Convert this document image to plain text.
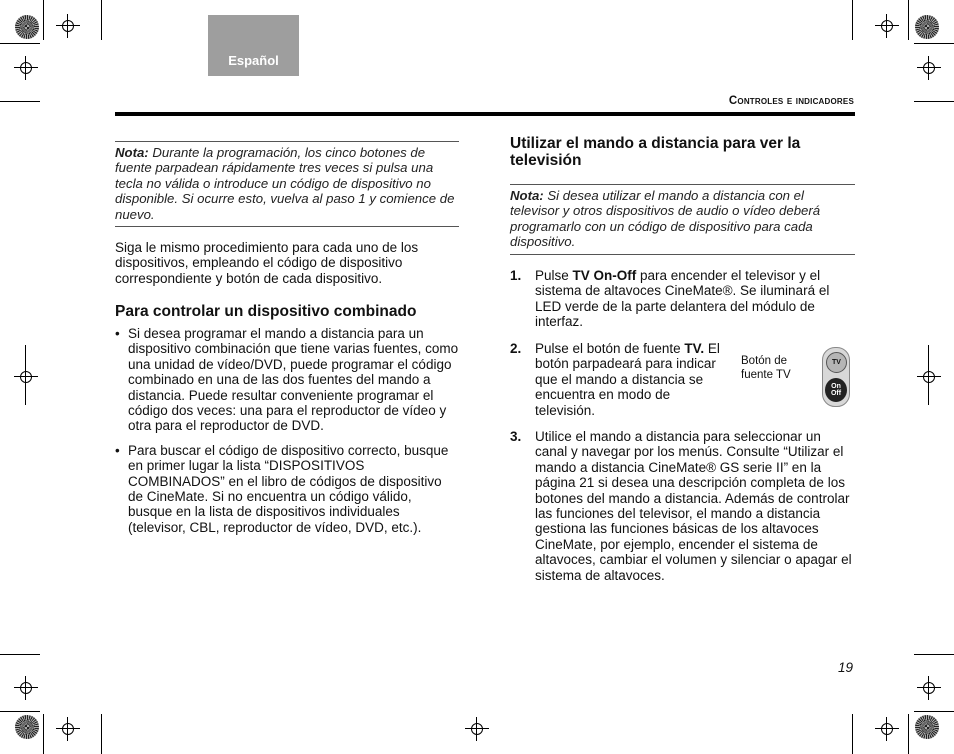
Español
Controles e indicadores
Nota: Durante la programación, los cinco botones de fuente parpadean rápidamente tres veces si pulsa una tecla no válida o introduce un código de dispositivo no disponible. Si ocurre esto, vuelva al paso 1 y comience de nuevo.
Siga le mismo procedimiento para cada uno de los dispositivos, empleando el código de dispositivo correspondiente y botón de cada dispositivo.
Para controlar un dispositivo combinado
• Si desea programar el mando a distancia para un dispositivo combinación que tiene varias fuentes, como una unidad de vídeo/DVD, puede programar el código combinado en una de las dos fuentes del mando a distancia. Puede resultar conveniente programar el código dos veces: una para el reproductor de vídeo y otra para el reproductor de DVD.
• Para buscar el código de dispositivo correcto, busque en primer lugar la lista “DISPOSITIVOS COMBINADOS” en el libro de códigos de dispositivo de CineMate. Si no encuentra un código válido, busque en la lista de dispositivos individuales (televisor, CBL, reproductor de vídeo, DVD, etc.).
Utilizar el mando a distancia para ver la televisión
Nota: Si desea utilizar el mando a distancia con el televisor y otros dispositivos de audio o vídeo deberá programarlo con un código de dispositivo para cada dispositivo.
1. Pulse TV On-Off para encender el televisor y el sistema de altavoces CineMate®. Se iluminará el LED verde de la parte delantera del módulo de interfaz.
2. Pulse el botón de fuente TV. El botón parpadeará para indicar que el mando a distancia se encuentra en modo de televisión.
Botón de fuente TV
TV
On
Off
3. Utilice el mando a distancia para seleccionar un canal y navegar por los menús. Consulte “Utilizar el mando a distancia CineMate® GS serie II” en la página 21 si desea una descripción completa de los botones del mando a distancia. Además de controlar las funciones del televisor, el mando a distancia gestiona las funciones básicas de los altavoces CineMate, por ejemplo, encender el sistema de altavoces, cambiar el volumen y silenciar o apagar el sistema de altavoces.
19
